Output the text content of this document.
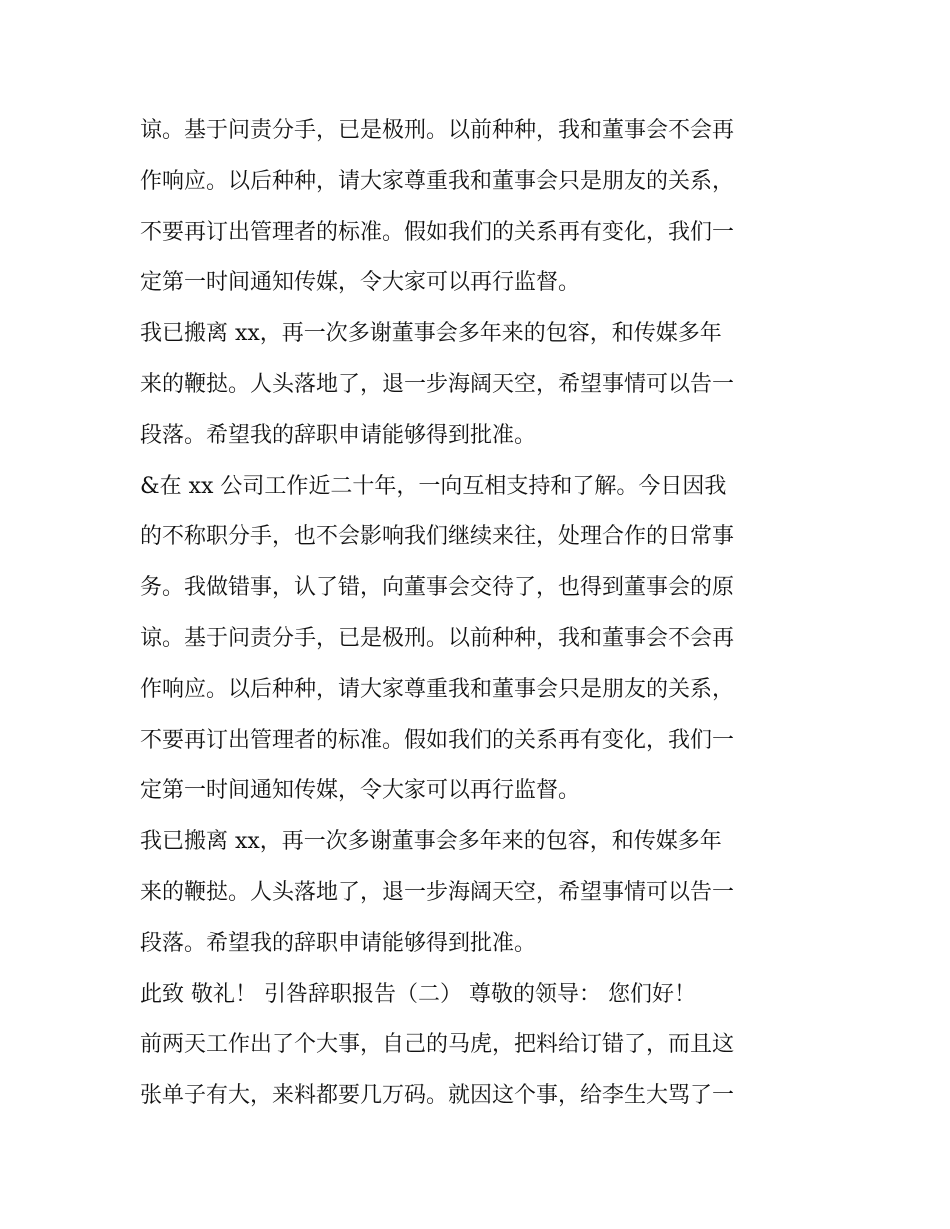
谅。基于问责分手，已是极刑。以前种种，我和董事会不会再
作响应。以后种种，请大家尊重我和董事会只是朋友的关系，
不要再订出管理者的标准。假如我们的关系再有变化，我们一
定第一时间通知传媒，令大家可以再行监督。
我已搬离 xx，再一次多谢董事会多年来的包容，和传媒多年
来的鞭挞。人头落地了，退一步海阔天空，希望事情可以告一
段落。希望我的辞职申请能够得到批准。
&在 xx 公司工作近二十年，一向互相支持和了解。今日因我
的不称职分手，也不会影响我们继续来往，处理合作的日常事
务。我做错事，认了错，向董事会交待了，也得到董事会的原
谅。基于问责分手，已是极刑。以前种种，我和董事会不会再
作响应。以后种种，请大家尊重我和董事会只是朋友的关系，
不要再订出管理者的标准。假如我们的关系再有变化，我们一
定第一时间通知传媒，令大家可以再行监督。
我已搬离 xx，再一次多谢董事会多年来的包容，和传媒多年
来的鞭挞。人头落地了，退一步海阔天空，希望事情可以告一
段落。希望我的辞职申请能够得到批准。
此致 敬礼！ 引咎辞职报告（二） 尊敬的领导： 您们好！
前两天工作出了个大事，自己的马虎，把料给订错了，而且这
张单子有大，来料都要几万码。就因这个事，给李生大骂了一
